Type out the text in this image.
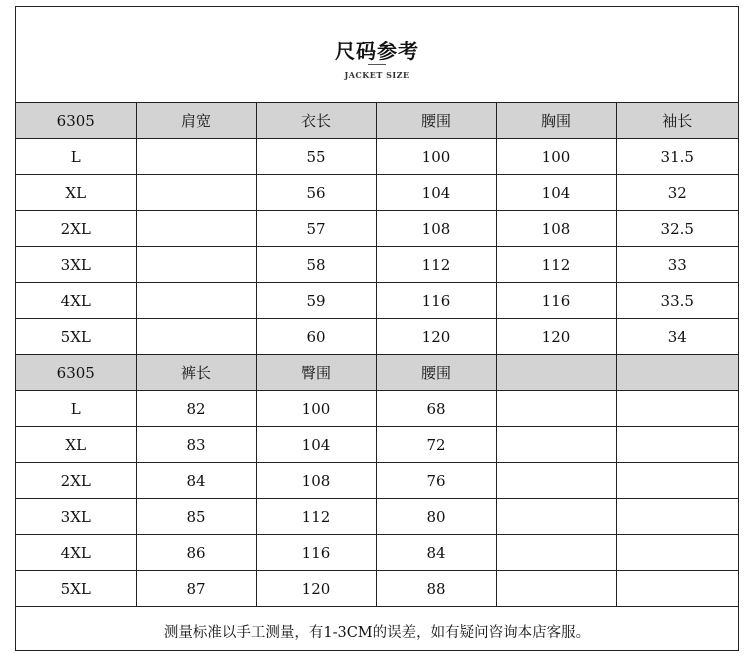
尺码参考
JACKET SIZE
6305	肩宽	衣长	腰围	胸围	袖长
L		55	100	100	31.5
XL		56	104	104	32
2XL		57	108	108	32.5
3XL		58	112	112	33
4XL		59	116	116	33.5
5XL		60	120	120	34
6305	裤长	臀围	腰围		
L	82	100	68		
XL	83	104	72		
2XL	84	108	76		
3XL	85	112	80		
4XL	86	116	84		
5XL	87	120	88		
测量标准以手工测量，有1-3CM的误差，如有疑问咨询本店客服。
